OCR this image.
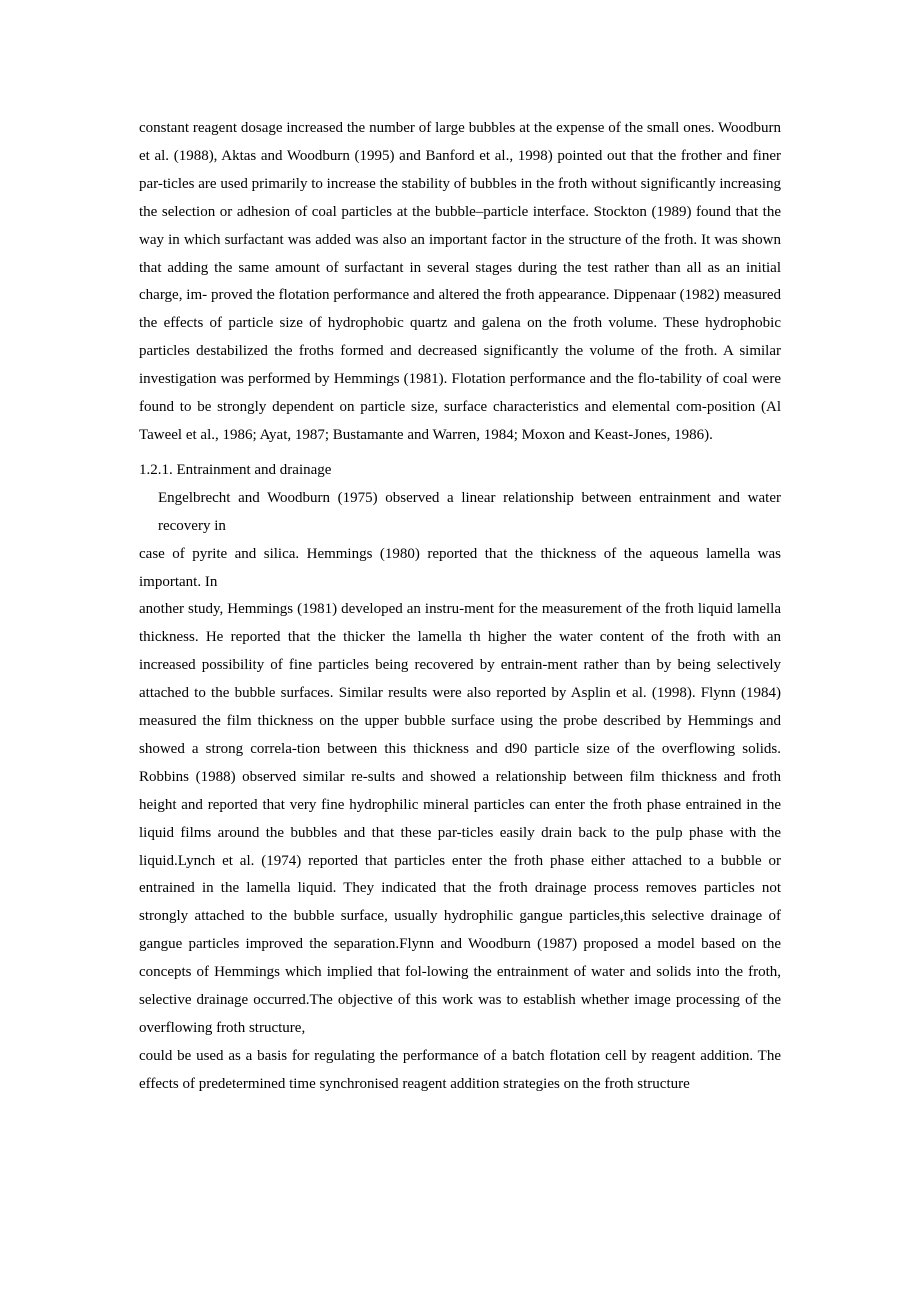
constant reagent dosage increased the number of large bubbles at the expense of the small ones. Woodburn et al. (1988), Aktas and Woodburn (1995) and Banford et al., 1998) pointed out that the frother and finer par-ticles are used primarily to increase the stability of bubbles in the froth without significantly increasing the selection or adhesion of coal particles at the bubble–particle interface. Stockton (1989) found that the way in which surfactant was added was also an important factor in the structure of the froth. It was shown that adding the same amount of surfactant in several stages during the test rather than all as an initial charge, im- proved the flotation performance and altered the froth appearance. Dippenaar (1982) measured the effects of particle size of hydrophobic quartz and galena on the froth volume. These hydrophobic particles destabilized the froths formed and decreased significantly the volume of the froth. A similar investigation was performed by Hemmings (1981). Flotation performance and the flo-tability of coal were found to be strongly dependent on particle size, surface characteristics and elemental com-position (Al Taweel et al., 1986; Ayat, 1987; Bustamante and Warren, 1984; Moxon and Keast-Jones, 1986).

1.2.1. Entrainment and drainage

Engelbrecht and Woodburn (1975) observed a linear relationship between entrainment and water recovery in

case of pyrite and silica. Hemmings (1980) reported that the thickness of the aqueous lamella was important. In

another study, Hemmings (1981) developed an instru-ment for the measurement of the froth liquid lamella thickness. He reported that the thicker the lamella th higher the water content of the froth with an increased possibility of fine particles being recovered by entrain-ment rather than by being selectively attached to the bubble surfaces. Similar results were also reported by Asplin et al. (1998). Flynn (1984) measured the film thickness on the upper bubble surface using the probe described by Hemmings and showed a strong correla-tion between this thickness and d90 particle size of the overflowing solids. Robbins (1988) observed similar re-sults and showed a relationship between film thickness and froth height and reported that very fine hydrophilic mineral particles can enter the froth phase entrained in the liquid films around the bubbles and that these par-ticles easily drain back to the pulp phase with the liquid.Lynch et al. (1974) reported that particles enter the froth phase either attached to a bubble or entrained in the lamella liquid. They indicated that the froth drainage process removes particles not strongly attached to the bubble surface, usually hydrophilic gangue particles,this selective drainage of gangue particles improved the separation.Flynn and Woodburn (1987) proposed a model based on the concepts of Hemmings which implied that fol-lowing the entrainment of water and solids into the froth, selective drainage occurred.The objective of this work was to establish whether image processing of the overflowing froth structure,

could be used as a basis for regulating the performance of a batch flotation cell by reagent addition. The effects of predetermined time synchronised reagent addition strategies on the froth structure
